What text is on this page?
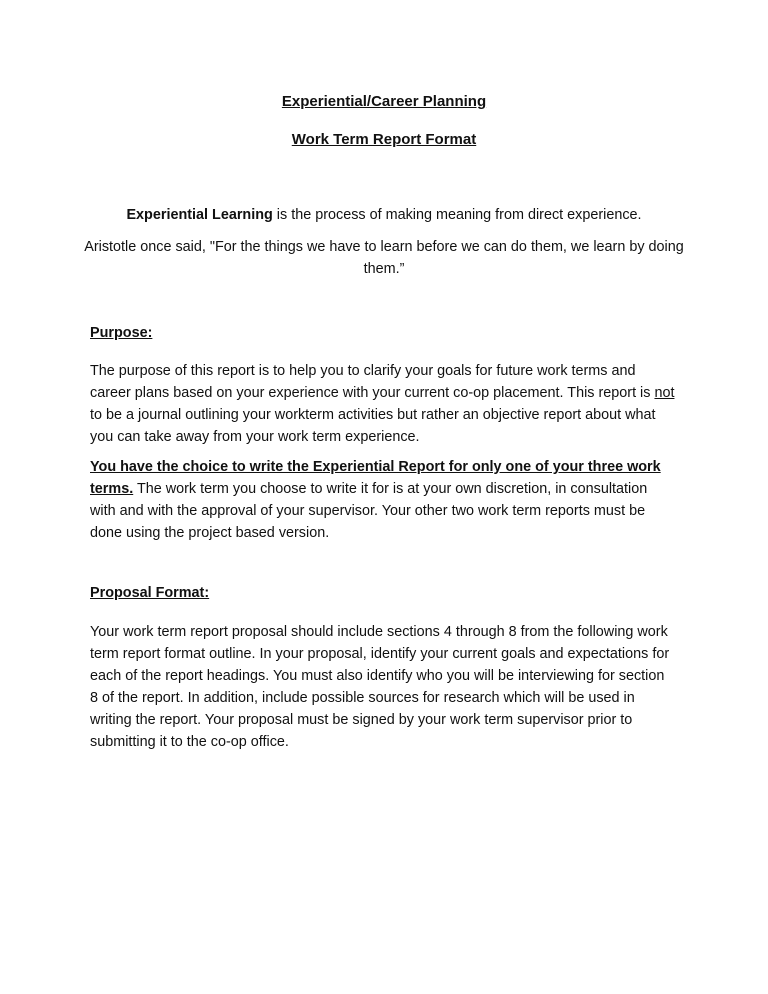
Experiential/Career Planning
Work Term Report Format
Experiential Learning is the process of making meaning from direct experience.
Aristotle once said, "For the things we have to learn before we can do them, we learn by doing them.”
Purpose:
The purpose of this report is to help you to clarify your goals for future work terms and career plans based on your experience with your current co-op placement. This report is not to be a journal outlining your workterm activities but rather an objective report about what you can take away from your work term experience.
You have the choice to write the Experiential Report for only one of your three work terms. The work term you choose to write it for is at your own discretion, in consultation with and with the approval of your supervisor. Your other two work term reports must be done using the project based version.
Proposal Format:
Your work term report proposal should include sections 4 through 8 from the following work term report format outline. In your proposal, identify your current goals and expectations for each of the report headings. You must also identify who you will be interviewing for section 8 of the report. In addition, include possible sources for research which will be used in writing the report. Your proposal must be signed by your work term supervisor prior to submitting it to the co-op office.
